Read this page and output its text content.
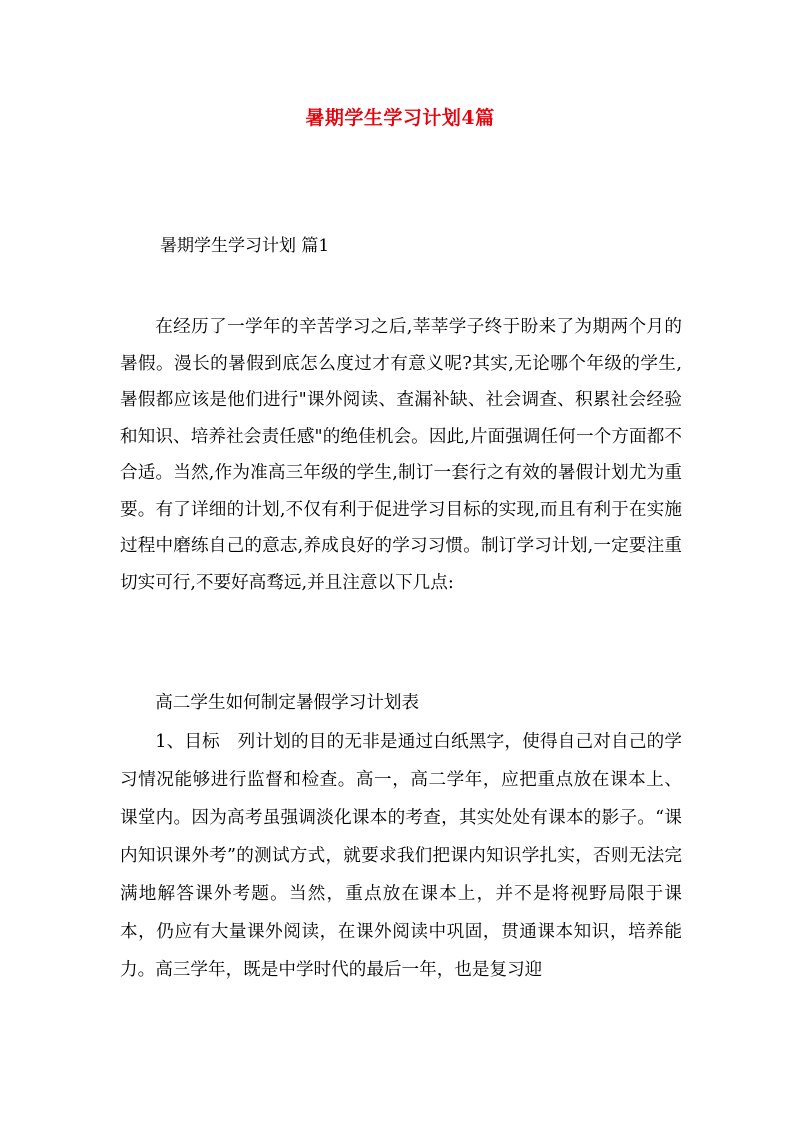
暑期学生学习计划4篇
暑期学生学习计划 篇1

在经历了一学年的辛苦学习之后,莘莘学子终于盼来了为期两个月的暑假。漫长的暑假到底怎么度过才有意义呢?其实,无论哪个年级的学生,暑假都应该是他们进行"课外阅读、查漏补缺、社会调查、积累社会经验和知识、培养社会责任感"的绝佳机会。因此,片面强调任何一个方面都不合适。当然,作为准高三年级的学生,制订一套行之有效的暑假计划尤为重要。有了详细的计划,不仅有利于促进学习目标的实现,而且有利于在实施过程中磨练自己的意志,养成良好的学习习惯。制订学习计划,一定要注重切实可行,不要好高骛远,并且注意以下几点:

高二学生如何制定暑假学习计划表

1、目标　列计划的目的无非是通过白纸黑字，使得自己对自己的学习情况能够进行监督和检查。高一，高二学年，应把重点放在课本上、课堂内。因为高考虽强调淡化课本的考查，其实处处有课本的影子。“课内知识课外考”的测试方式，就要求我们把课内知识学扎实，否则无法完满地解答课外考题。当然，重点放在课本上，并不是将视野局限于课本，仍应有大量课外阅读，在课外阅读中巩固，贯通课本知识，培养能力。高三学年，既是中学时代的最后一年，也是复习迎
